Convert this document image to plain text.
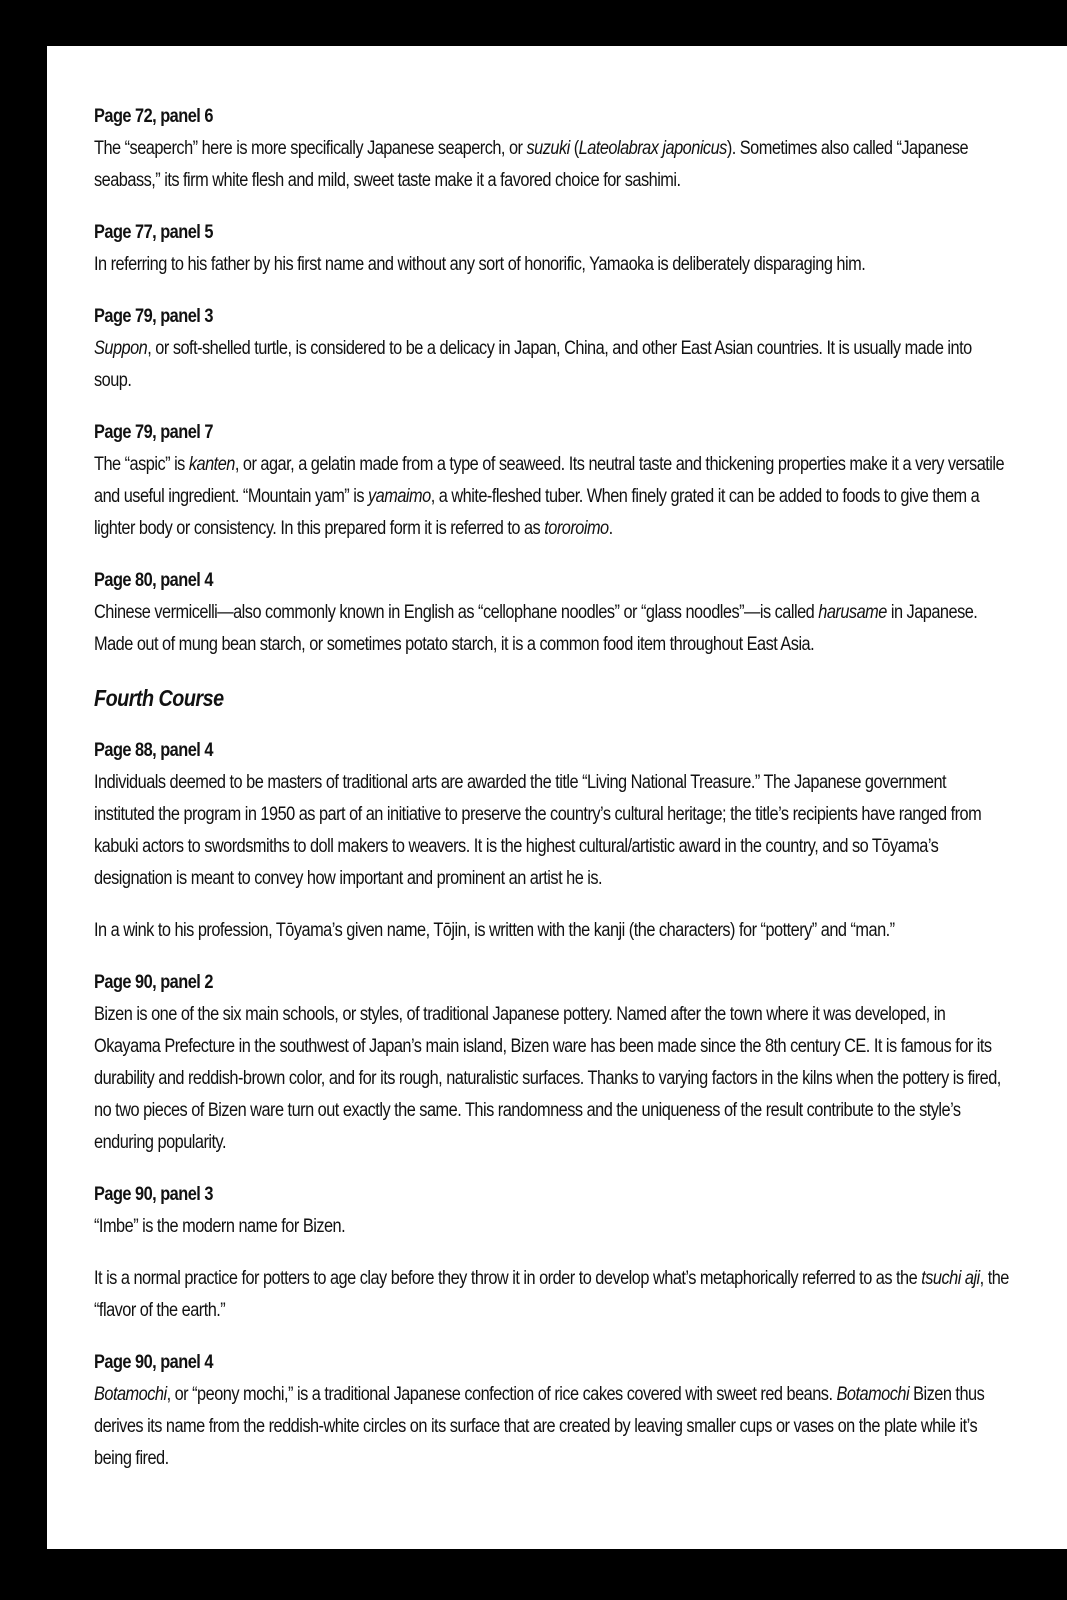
Page 72, panel 6
The “seaperch” here is more specifically Japanese seaperch, or suzuki (Lateolabrax japonicus). Sometimes also called “Japanese seabass,” its firm white flesh and mild, sweet taste make it a favored choice for sashimi.
Page 77, panel 5
In referring to his father by his first name and without any sort of honorific, Yamaoka is deliberately disparaging him.
Page 79, panel 3
Suppon, or soft-shelled turtle, is considered to be a delicacy in Japan, China, and other East Asian countries. It is usually made into soup.
Page 79, panel 7
The “aspic” is kanten, or agar, a gelatin made from a type of seaweed. Its neutral taste and thickening properties make it a very versatile and useful ingredient. “Mountain yam” is yamaimo, a white-fleshed tuber. When finely grated it can be added to foods to give them a lighter body or consistency. In this prepared form it is referred to as tororoimo.
Page 80, panel 4
Chinese vermicelli—also commonly known in English as “cellophane noodles” or “glass noodles”—is called harusame in Japanese. Made out of mung bean starch, or sometimes potato starch, it is a common food item throughout East Asia.
Fourth Course
Page 88, panel 4
Individuals deemed to be masters of traditional arts are awarded the title “Living National Treasure.” The Japanese government instituted the program in 1950 as part of an initiative to preserve the country’s cultural heritage; the title’s recipients have ranged from kabuki actors to swordsmiths to doll makers to weavers. It is the highest cultural/artistic award in the country, and so Tōyama’s designation is meant to convey how important and prominent an artist he is.
In a wink to his profession, Tōyama’s given name, Tōjin, is written with the kanji (the characters) for “pottery” and “man.”
Page 90, panel 2
Bizen is one of the six main schools, or styles, of traditional Japanese pottery. Named after the town where it was developed, in Okayama Prefecture in the southwest of Japan’s main island, Bizen ware has been made since the 8th century CE. It is famous for its durability and reddish-brown color, and for its rough, naturalistic surfaces. Thanks to varying factors in the kilns when the pottery is fired, no two pieces of Bizen ware turn out exactly the same. This randomness and the uniqueness of the result contribute to the style’s enduring popularity.
Page 90, panel 3
“Imbe” is the modern name for Bizen.
It is a normal practice for potters to age clay before they throw it in order to develop what’s metaphorically referred to as the tsuchi aji, the “flavor of the earth.”
Page 90, panel 4
Botamochi, or “peony mochi,” is a traditional Japanese confection of rice cakes covered with sweet red beans. Botamochi Bizen thus derives its name from the reddish-white circles on its surface that are created by leaving smaller cups or vases on the plate while it’s being fired.
